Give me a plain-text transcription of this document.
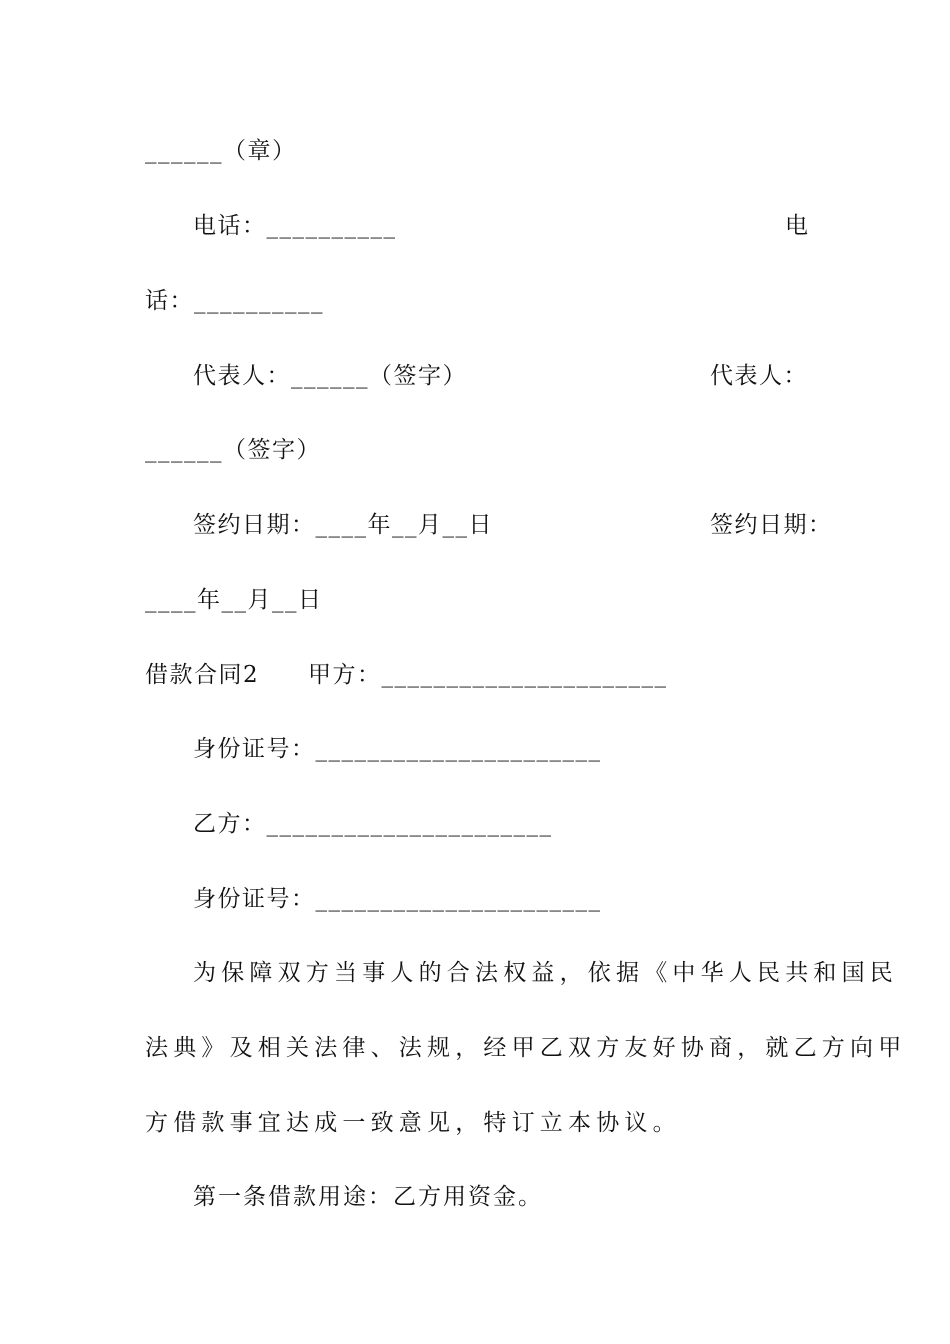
______（章）

电话：__________

	电

话：__________

代表人：______（签字）

	代表人：

______（签字）

签约日期：____年__月__日

	签约日期：

____年__月__日

借款合同2

甲方：______________________

身份证号：______________________

乙方：______________________

身份证号：______________________

为保障双方当事人的合法权益，依据《中华人民共和国民

法典》及相关法律、法规，经甲乙双方友好协商，就乙方向甲

方借款事宜达成一致意见，特订立本协议。

第一条借款用途：乙方用资金。
